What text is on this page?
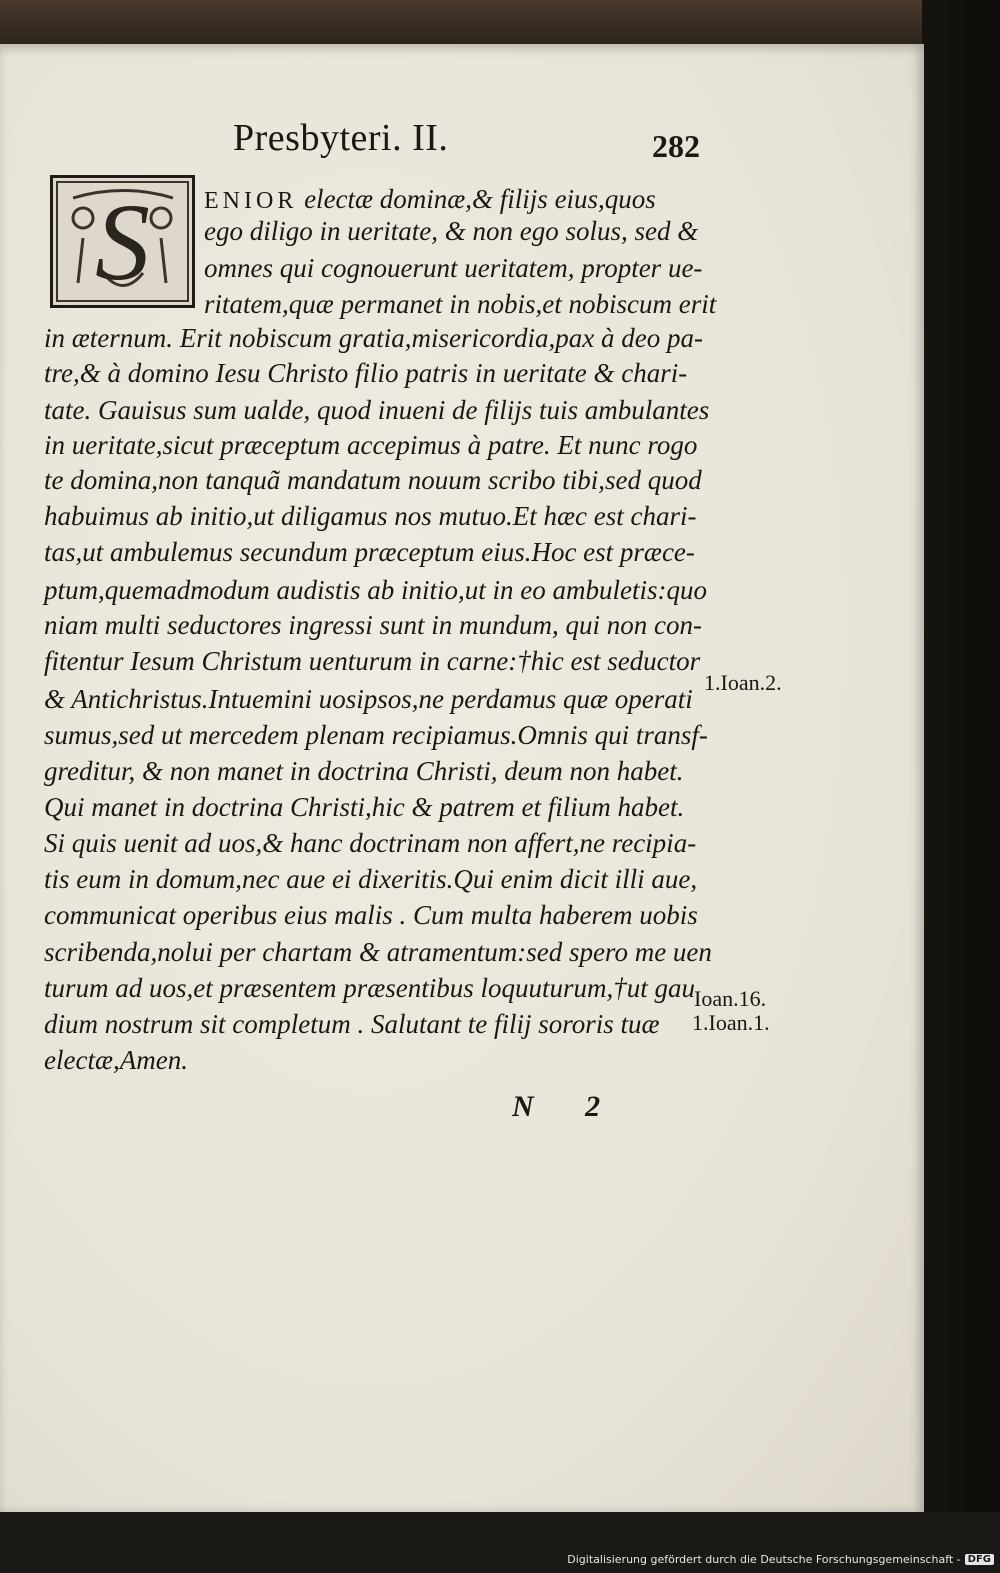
Presbyteri. II.	282
S	ENIOR electæ dominæ,& filijs eius,quos
ego diligo in ueritate, & non ego solus, sed &
omnes qui cognouerunt ueritatem, propter ue-
ritatem,quæ permanet in nobis,et nobiscum erit
in æternum. Erit nobiscum gratia,misericordia,pax à deo pa-
tre,& à domino Iesu Christo filio patris in ueritate & chari-
tate. Gauisus sum ualde, quod inueni de filijs tuis ambulantes
in ueritate,sicut præceptum accepimus à patre. Et nunc rogo
te domina,non tanquã mandatum nouum scribo tibi,sed quod
habuimus ab initio,ut diligamus nos mutuo.Et hæc est chari-
tas,ut ambulemus secundum præceptum eius.Hoc est præce-
ptum,quemadmodum audistis ab initio,ut in eo ambuletis:quo
niam multi seductores ingressi sunt in mundum, qui non con-
fitentur Iesum Christum uenturum in carne:†hic est seductor
& Antichristus.Intuemini uosipsos,ne perdamus quæ operati
sumus,sed ut mercedem plenam recipiamus.Omnis qui transf-
greditur, & non manet in doctrina Christi, deum non habet.
Qui manet in doctrina Christi,hic & patrem et filium habet.
Si quis uenit ad uos,& hanc doctrinam non affert,ne recipia-
tis eum in domum,nec aue ei dixeritis.Qui enim dicit illi aue,
communicat operibus eius malis . Cum multa haberem uobis
scribenda,nolui per chartam & atramentum:sed spero me uen
turum ad uos,et præsentem præsentibus loquuturum,†ut gau
dium nostrum sit completum . Salutant te filij sororis tuæ
electæ,Amen.
1.Ioan.2.
Ioan.16.
1.Ioan.1.
N 2
Digitalisierung gefördert durch die Deutsche Forschungsgemeinschaft - DFG
